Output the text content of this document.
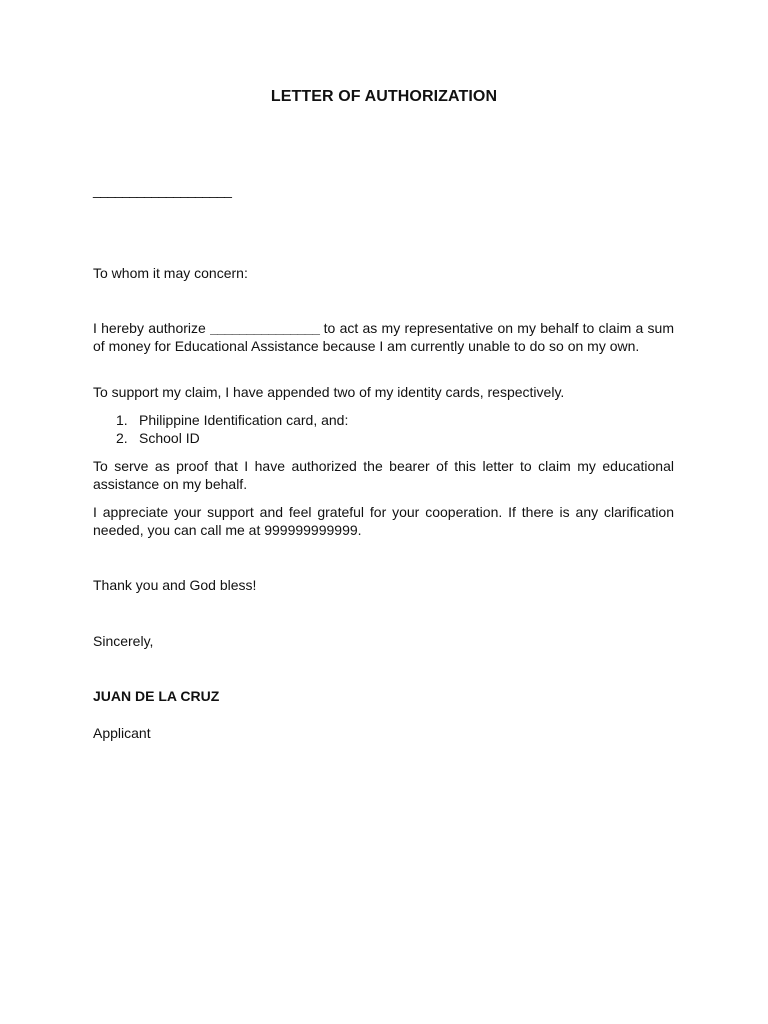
LETTER OF AUTHORIZATION
___________________
To whom it may concern:
I hereby authorize _______________ to act as my representative on my behalf to claim a sum of money for Educational Assistance because I am currently unable to do so on my own.
To support my claim, I have appended two of my identity cards, respectively.
1. Philippine Identification card, and:
2. School ID
To serve as proof that I have authorized the bearer of this letter to claim my educational assistance on my behalf.
I appreciate your support and feel grateful for your cooperation. If there is any clarification needed, you can call me at 999999999999.
Thank you and God bless!
Sincerely,
JUAN DE LA CRUZ
Applicant
